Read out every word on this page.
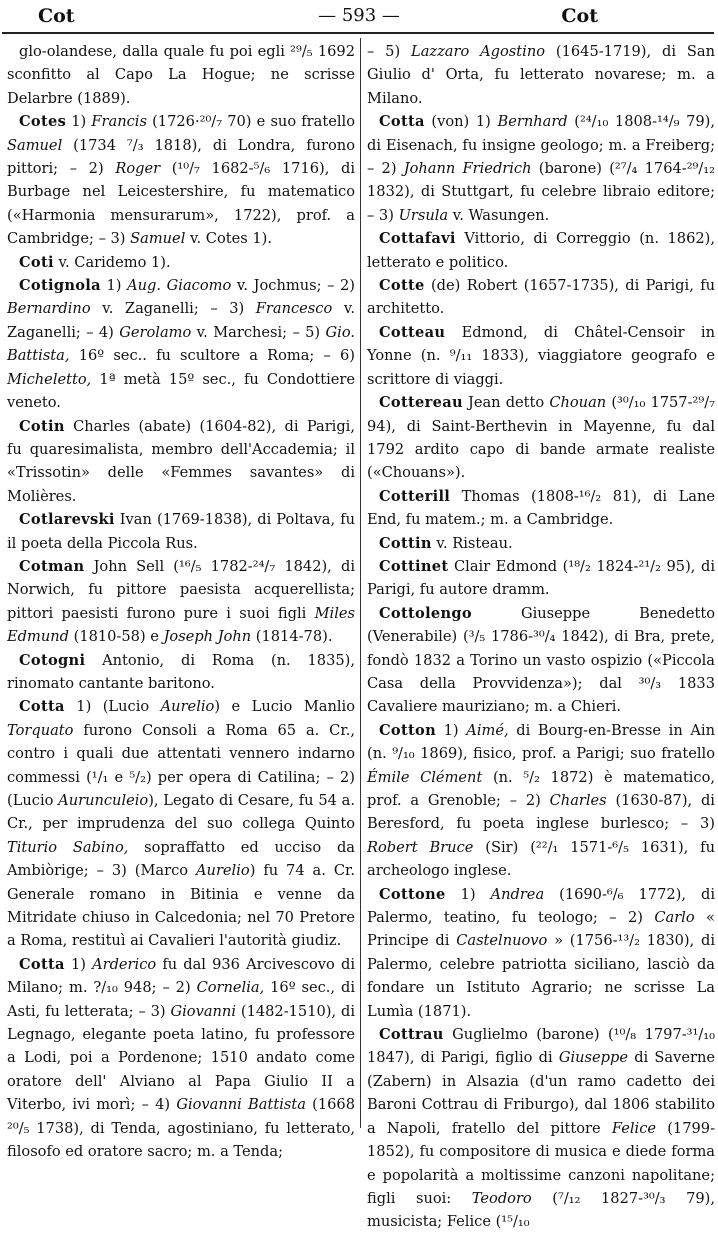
Cot	— 593 —	Cot

glo-olandese, dalla quale fu poi egli ²⁹/₅ 1692 sconfitto al Capo La Hogue; ne scrisse Delarbre (1889).

Cotes 1) Francis (1726·²⁰/₇ 70) e suo fratello Samuel (1734 ⁷/₃ 1818), di Londra, furono pittori; – 2) Roger (¹⁰/₇ 1682-⁵/₆ 1716), di Burbage nel Leicestershire, fu matematico («Harmonia mensurarum», 1722), prof. a Cambridge; – 3) Samuel v. Cotes 1).

Coti v. Caridemo 1).

Cotignola 1) Aug. Giacomo v. Jochmus; – 2) Bernardino v. Zaganelli; – 3) Francesco v. Zaganelli; – 4) Gerolamo v. Marchesi; – 5) Gio. Battista, 16º sec.. fu scultore a Roma; – 6) Micheletto, 1ª metà 15º sec., fu Condottiere veneto.

Cotin Charles (abate) (1604-82), di Parigi, fu quaresimalista, membro dell'Accademia; il «Trissotin» delle «Femmes savantes» di Molières.

Cotlarevski Ivan (1769-1838), di Poltava, fu il poeta della Piccola Rus.

Cotman John Sell (¹⁶/₅ 1782-²⁴/₇ 1842), di Norwich, fu pittore paesista acquerellista; pittori paesisti furono pure i suoi figli Miles Edmund (1810-58) e Joseph John (1814-78).

Cotogni Antonio, di Roma (n. 1835), rinomato cantante baritono.

Cotta 1) (Lucio Aurelio) e Lucio Manlio Torquato furono Consoli a Roma 65 a. Cr., contro i quali due attentati vennero indarno commessi (¹/₁ e ⁵/₂) per opera di Catilina; – 2) (Lucio Aurunculeio), Legato di Cesare, fu 54 a. Cr., per imprudenza del suo collega Quinto Titurio Sabino, sopraffatto ed ucciso da Ambiòrige; – 3) (Marco Aurelio) fu 74 a. Cr. Generale romano in Bitinia e venne da Mitridate chiuso in Calcedonia; nel 70 Pretore a Roma, restituì ai Cavalieri l'autorità giudiz.

Cotta 1) Arderico fu dal 936 Arcivescovo di Milano; m. ?/₁₀ 948; – 2) Cornelia, 16º sec., di Asti, fu letterata; – 3) Giovanni (1482-1510), di Legnago, elegante poeta latino, fu professore a Lodi, poi a Pordenone; 1510 andato come oratore dell' Alviano al Papa Giulio II a Viterbo, ivi morì; – 4) Giovanni Battista (1668 ²⁰/₅ 1738), di Tenda, agostiniano, fu letterato, filosofo ed oratore sacro; m. a Tenda;

– 5) Lazzaro Agostino (1645-1719), di San Giulio d' Orta, fu letterato novarese; m. a Milano.

Cotta (von) 1) Bernhard (²⁴/₁₀ 1808-¹⁴/₉ 79), di Eisenach, fu insigne geologo; m. a Freiberg; – 2) Johann Friedrich (barone) (²⁷/₄ 1764-²⁹/₁₂ 1832), di Stuttgart, fu celebre libraio editore; – 3) Ursula v. Wasungen.

Cottafavi Vittorio, di Correggio (n. 1862), letterato e politico.

Cotte (de) Robert (1657-1735), di Parigi, fu architetto.

Cotteau Edmond, di Châtel-Censoir in Yonne (n. ⁹/₁₁ 1833), viaggiatore geografo e scrittore di viaggi.

Cottereau Jean detto Chouan (³⁰/₁₀ 1757-²⁹/₇ 94), di Saint-Berthevin in Mayenne, fu dal 1792 ardito capo di bande armate realiste («Chouans»).

Cotterill Thomas (1808-¹⁶/₂ 81), di Lane End, fu matem.; m. a Cambridge.

Cottin v. Risteau.

Cottinet Clair Edmond (¹⁸/₂ 1824-²¹/₂ 95), di Parigi, fu autore dramm.

Cottolengo Giuseppe Benedetto (Venerabile) (³/₅ 1786-³⁰/₄ 1842), di Bra, prete, fondò 1832 a Torino un vasto ospizio («Piccola Casa della Provvidenza»); dal ³⁰/₃ 1833 Cavaliere mauriziano; m. a Chieri.

Cotton 1) Aimé, di Bourg-en-Bresse in Ain (n. ⁹/₁₀ 1869), fisico, prof. a Parigi; suo fratello Émile Clément (n. ⁵/₂ 1872) è matematico, prof. a Grenoble; – 2) Charles (1630-87), di Beresford, fu poeta inglese burlesco; – 3) Robert Bruce (Sir) (²²/₁ 1571-⁶/₅ 1631), fu archeologo inglese.

Cottone 1) Andrea (1690-⁶/₆ 1772), di Palermo, teatino, fu teologo; – 2) Carlo « Principe di Castelnuovo » (1756-¹³/₂ 1830), di Palermo, celebre patriotta siciliano, lasciò da fondare un Istituto Agrario; ne scrisse La Lumìa (1871).

Cottrau Guglielmo (barone) (¹⁰/₈ 1797-³¹/₁₀ 1847), di Parigi, figlio di Giuseppe di Saverne (Zabern) in Alsazia (d'un ramo cadetto dei Baroni Cottrau di Friburgo), dal 1806 stabilito a Napoli, fratello del pittore Felice (1799-1852), fu compositore di musica e diede forma e popolarità a moltissime canzoni napolitane; figli suoi: Teodoro (⁷/₁₂ 1827-³⁰/₃ 79), musicista; Felice (¹⁵/₁₀
